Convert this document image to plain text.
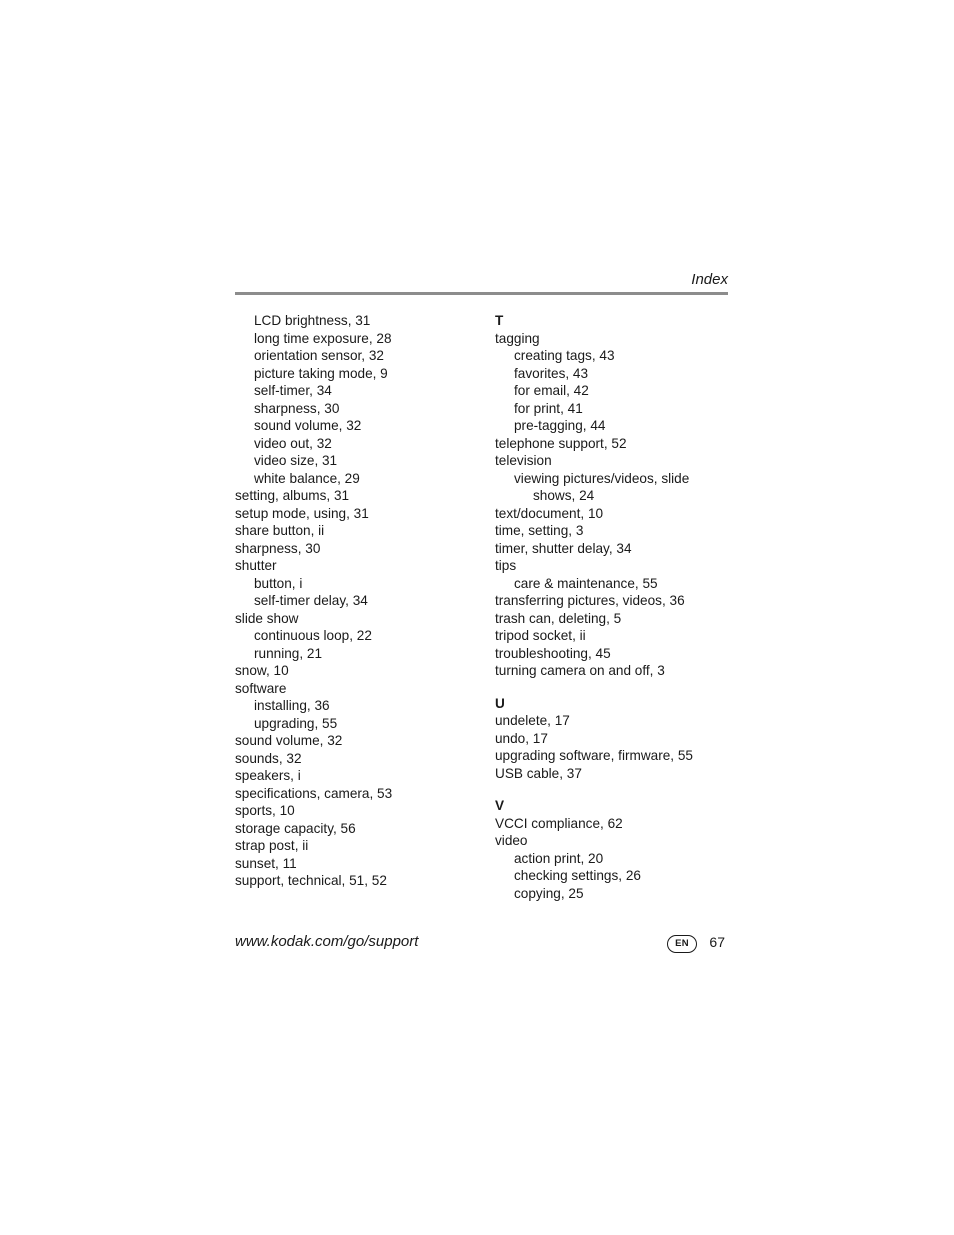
Index
LCD brightness, 31
long time exposure, 28
orientation sensor, 32
picture taking mode, 9
self-timer, 34
sharpness, 30
sound volume, 32
video out, 32
video size, 31
white balance, 29
setting, albums, 31
setup mode, using, 31
share button, ii
sharpness, 30
shutter
button, i
self-timer delay, 34
slide show
continuous loop, 22
running, 21
snow, 10
software
installing, 36
upgrading, 55
sound volume, 32
sounds, 32
speakers, i
specifications, camera, 53
sports, 10
storage capacity, 56
strap post, ii
sunset, 11
support, technical, 51, 52
T
tagging
creating tags, 43
favorites, 43
for email, 42
for print, 41
pre-tagging, 44
telephone support, 52
television
viewing pictures/videos, slide
shows, 24
text/document, 10
time, setting, 3
timer, shutter delay, 34
tips
care & maintenance, 55
transferring pictures, videos, 36
trash can, deleting, 5
tripod socket, ii
troubleshooting, 45
turning camera on and off, 3
U
undelete, 17
undo, 17
upgrading software, firmware, 55
USB cable, 37
V
VCCI compliance, 62
video
action print, 20
checking settings, 26
copying, 25
www.kodak.com/go/support	EN	67
